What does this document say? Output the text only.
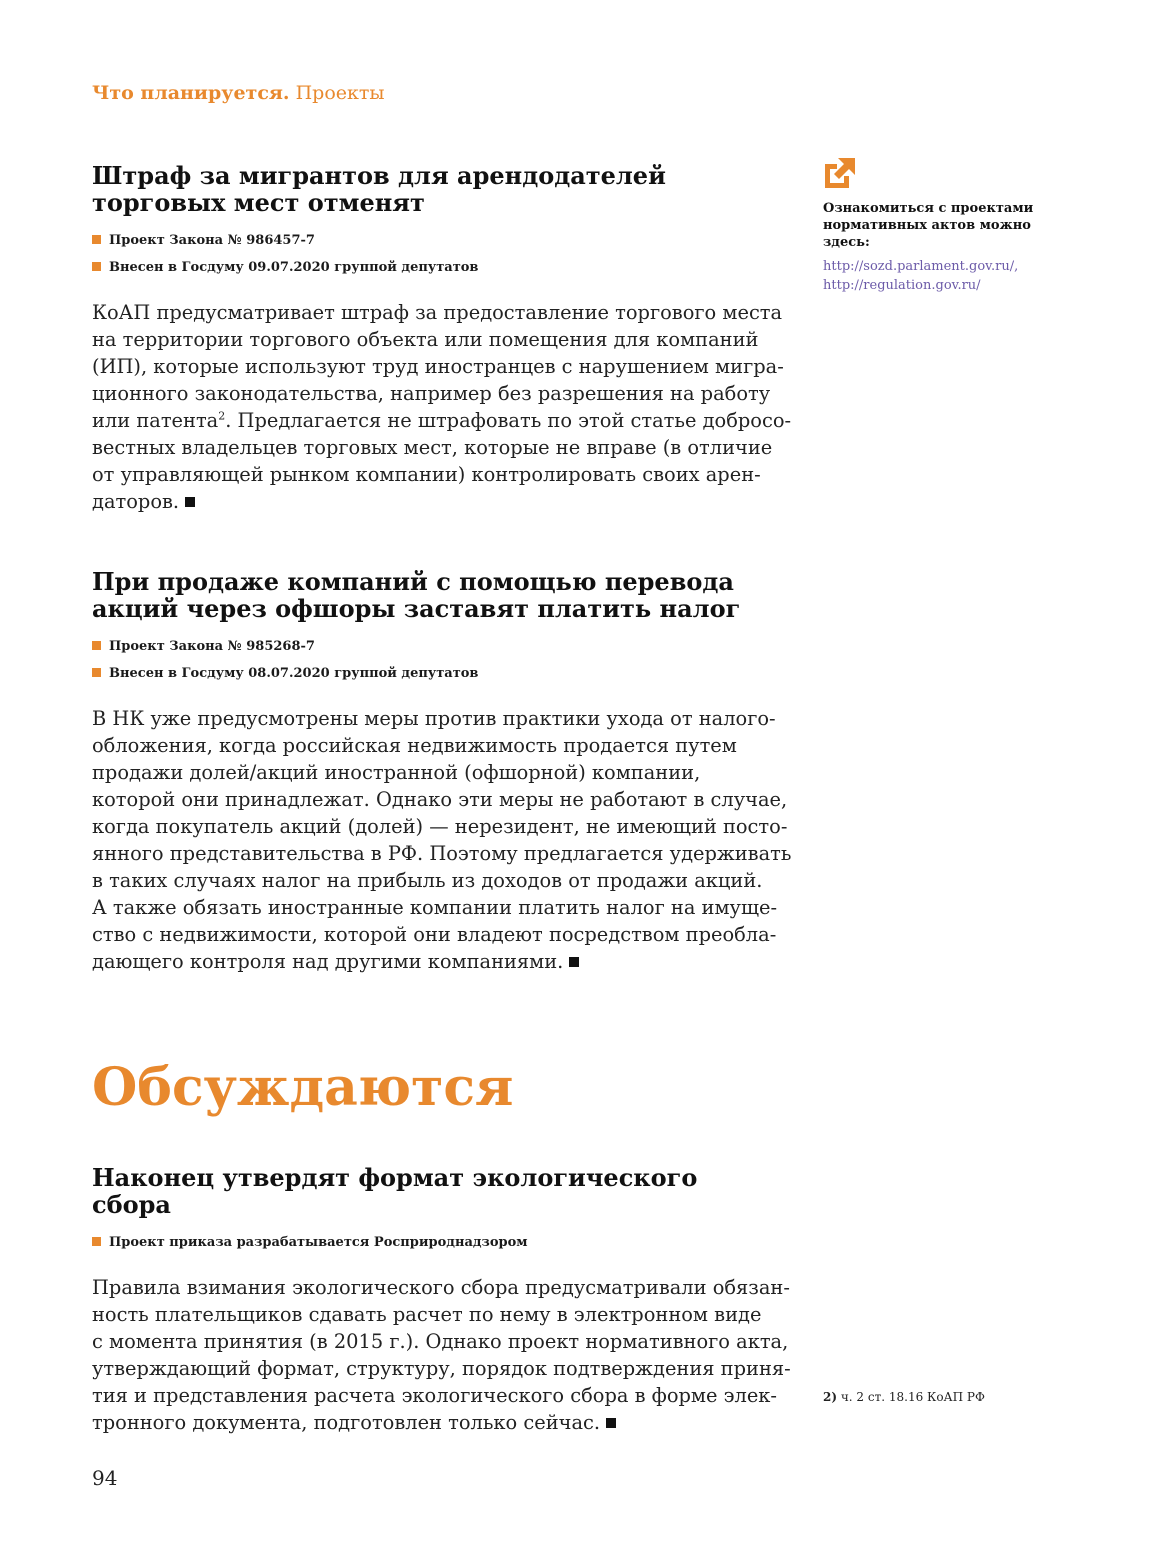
Что планируется. Проекты
Штраф за мигрантов для арендодателей
торговых мест отменят
Проект Закона № 986457-7
Внесен в Госдуму 09.07.2020 группой депутатов

КоАП предусматривает штраф за предоставление торгового места
на территории торгового объекта или помещения для компаний
(ИП), которые используют труд иностранцев с нарушением мигра-
ционного законодательства, например без разрешения на работу
или патента$^2$. Предлагается не штрафовать по этой статье добросо-
вестных владельцев торговых мест, которые не вправе (в отличие
от управляющей рынком компании) контролировать своих арен-
даторов.

При продаже компаний с помощью перевода
акций через офшоры заставят платить налог
Проект Закона № 985268-7
Внесен в Госдуму 08.07.2020 группой депутатов

В НК уже предусмотрены меры против практики ухода от налого-
обложения, когда российская недвижимость продается путем
продажи долей/акций иностранной (офшорной) компании,
которой они принадлежат. Однако эти меры не работают в случае,
когда покупатель акций (долей) — нерезидент, не имеющий посто-
янного представительства в РФ. Поэтому предлагается удерживать
в таких случаях налог на прибыль из доходов от продажи акций.
А также обязать иностранные компании платить налог на имуще-
ство с недвижимости, которой они владеют посредством преобла-
дающего контроля над другими компаниями.

Обсуждаются
Наконец утвердят формат экологического сбора
Проект приказа разрабатывается Росприроднадзором

Правила взимания экологического сбора предусматривали обязан-
ность плательщиков сдавать расчет по нему в электронном виде
с момента принятия (в 2015 г.). Однако проект нормативного акта,
утверждающий формат, структуру, порядок подтверждения приня-
тия и представления расчета экологического сбора в форме элек-
тронного документа, подготовлен только сейчас.

Ознакомиться с проектами
нормативных актов можно
здесь:

http://sozd.parlament.gov.ru/,

http://regulation.gov.ru/

2) ч. 2 ст. 18.16 КоАП РФ
94
